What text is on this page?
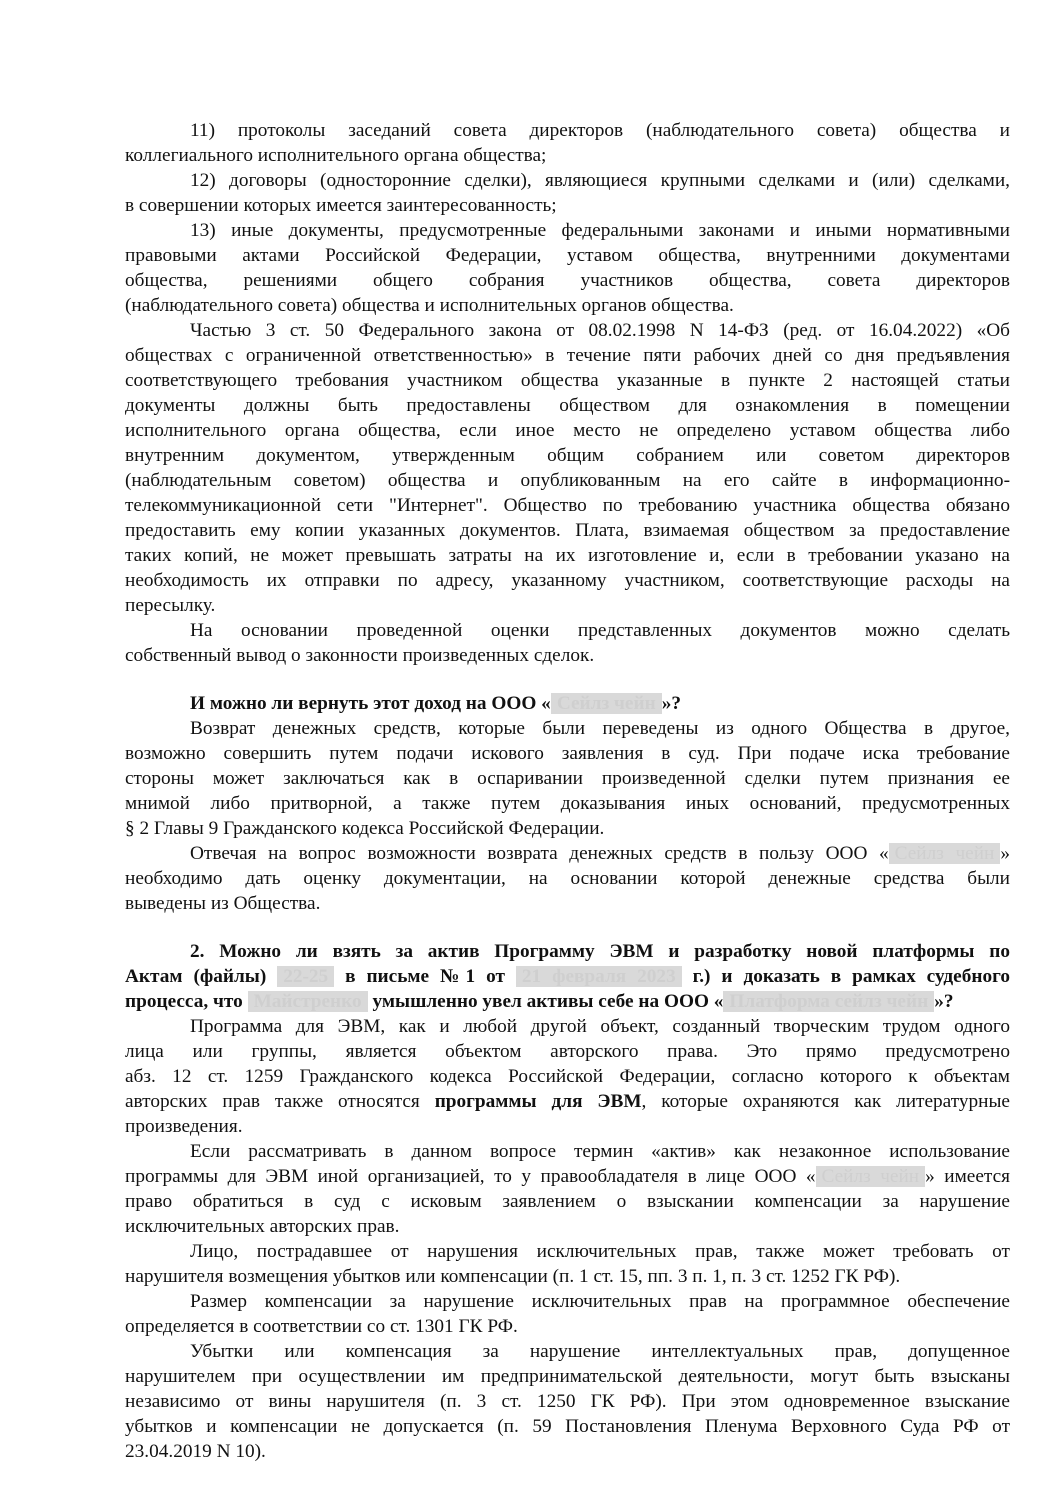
11) протоколы заседаний совета директоров (наблюдательного совета) общества и
коллегиального исполнительного органа общества;
12) договоры (односторонние сделки), являющиеся крупными сделками и (или) сделками,
в совершении которых имеется заинтересованность;
13) иные документы, предусмотренные федеральными законами и иными нормативными
правовыми актами Российской Федерации, уставом общества, внутренними документами
общества, решениями общего собрания участников общества, совета директоров
(наблюдательного совета) общества и исполнительных органов общества.
Частью 3 ст. 50 Федерального закона от 08.02.1998 N 14-ФЗ (ред. от 16.04.2022) «Об
обществах с ограниченной ответственностью» в течение пяти рабочих дней со дня предъявления
соответствующего требования участником общества указанные в пункте 2 настоящей статьи
документы должны быть предоставлены обществом для ознакомления в помещении
исполнительного органа общества, если иное место не определено уставом общества либо
внутренним документом, утвержденным общим собранием или советом директоров
(наблюдательным советом) общества и опубликованным на его сайте в информационно-
телекоммуникационной сети "Интернет". Общество по требованию участника общества обязано
предоставить ему копии указанных документов. Плата, взимаемая обществом за предоставление
таких копий, не может превышать затраты на их изготовление и, если в требовании указано на
необходимость их отправки по адресу, указанному участником, соответствующие расходы на
пересылку.
На основании проведенной оценки представленных документов можно сделать
собственный вывод о законности произведенных сделок.
И можно ли вернуть этот доход на ООО « Сейлз чейн »?
Возврат денежных средств, которые были переведены из одного Общества в другое,
возможно совершить путем подачи искового заявления в суд. При подаче иска требование
стороны может заключаться как в оспаривании произведенной сделки путем признания ее
мнимой либо притворной, а также путем доказывания иных оснований, предусмотренных
§ 2 Главы 9 Гражданского кодекса Российской Федерации.
Отвечая на вопрос возможности возврата денежных средств в пользу ООО « Сейлз чейн »
необходимо дать оценку документации, на основании которой денежные средства были
выведены из Общества.
2. Можно ли взять за актив Программу ЭВМ и разработку новой платформы по
Актам (файлы) 22-25 в письме №1 от 21 февраля 2023 г.) и доказать в рамках судебного
процесса, что Майстренко умышленно увел активы себе на ООО « Платформа сейлз чейн »?
Программа для ЭВМ, как и любой другой объект, созданный творческим трудом одного
лица или группы, является объектом авторского права. Это прямо предусмотрено
абз. 12 ст. 1259 Гражданского кодекса Российской Федерации, согласно которого к объектам
авторских прав также относятся программы для ЭВМ, которые охраняются как литературные
произведения.
Если рассматривать в данном вопросе термин «актив» как незаконное использование
программы для ЭВМ иной организацией, то у правообладателя в лице ООО « Сейлз чейн » имеется
право обратиться в суд с исковым заявлением о взыскании компенсации за нарушение
исключительных авторских прав.
Лицо, пострадавшее от нарушения исключительных прав, также может требовать от
нарушителя возмещения убытков или компенсации (п. 1 ст. 15, пп. 3 п. 1, п. 3 ст. 1252 ГК РФ).
Размер компенсации за нарушение исключительных прав на программное обеспечение
определяется в соответствии со ст. 1301 ГК РФ.
Убытки или компенсация за нарушение интеллектуальных прав, допущенное
нарушителем при осуществлении им предпринимательской деятельности, могут быть взысканы
независимо от вины нарушителя (п. 3 ст. 1250 ГК РФ). При этом одновременное взыскание
убытков и компенсации не допускается (п. 59 Постановления Пленума Верховного Суда РФ от
23.04.2019 N 10).
